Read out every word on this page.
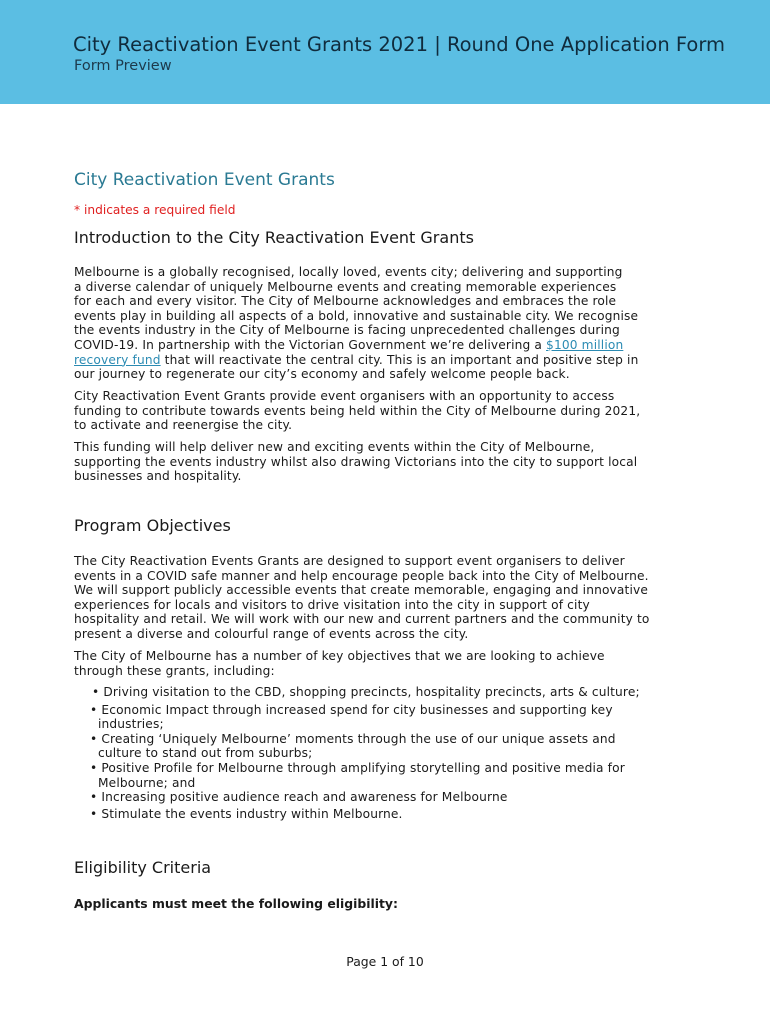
City Reactivation Event Grants 2021 | Round One Application Form
Form Preview
City Reactivation Event Grants
* indicates a required field
Introduction to the City Reactivation Event Grants

Melbourne is a globally recognised, locally loved, events city; delivering and supporting
a diverse calendar of uniquely Melbourne events and creating memorable experiences
for each and every visitor. The City of Melbourne acknowledges and embraces the role
events play in building all aspects of a bold, innovative and sustainable city. We recognise
the events industry in the City of Melbourne is facing unprecedented challenges during
COVID-19. In partnership with the Victorian Government we’re delivering a $100 million
recovery fund that will reactivate the central city. This is an important and positive step in
our journey to regenerate our city’s economy and safely welcome people back.

City Reactivation Event Grants provide event organisers with an opportunity to access
funding to contribute towards events being held within the City of Melbourne during 2021,
to activate and reenergise the city.

This funding will help deliver new and exciting events within the City of Melbourne,
supporting the events industry whilst also drawing Victorians into the city to support local
businesses and hospitality.

Program Objectives

The City Reactivation Events Grants are designed to support event organisers to deliver
events in a COVID safe manner and help encourage people back into the City of Melbourne.
We will support publicly accessible events that create memorable, engaging and innovative
experiences for locals and visitors to drive visitation into the city in support of city
hospitality and retail. We will work with our new and current partners and the community to
present a diverse and colourful range of events across the city.

The City of Melbourne has a number of key objectives that we are looking to achieve
through these grants, including:

• Driving visitation to the CBD, shopping precincts, hospitality precincts, arts & culture;
• Economic Impact through increased spend for city businesses and supporting key
industries;
• Creating ‘Uniquely Melbourne’ moments through the use of our unique assets and
culture to stand out from suburbs;
• Positive Profile for Melbourne through amplifying storytelling and positive media for
Melbourne; and
• Increasing positive audience reach and awareness for Melbourne
• Stimulate the events industry within Melbourne.
Eligibility Criteria
Applicants must meet the following eligibility:
Page 1 of 10
